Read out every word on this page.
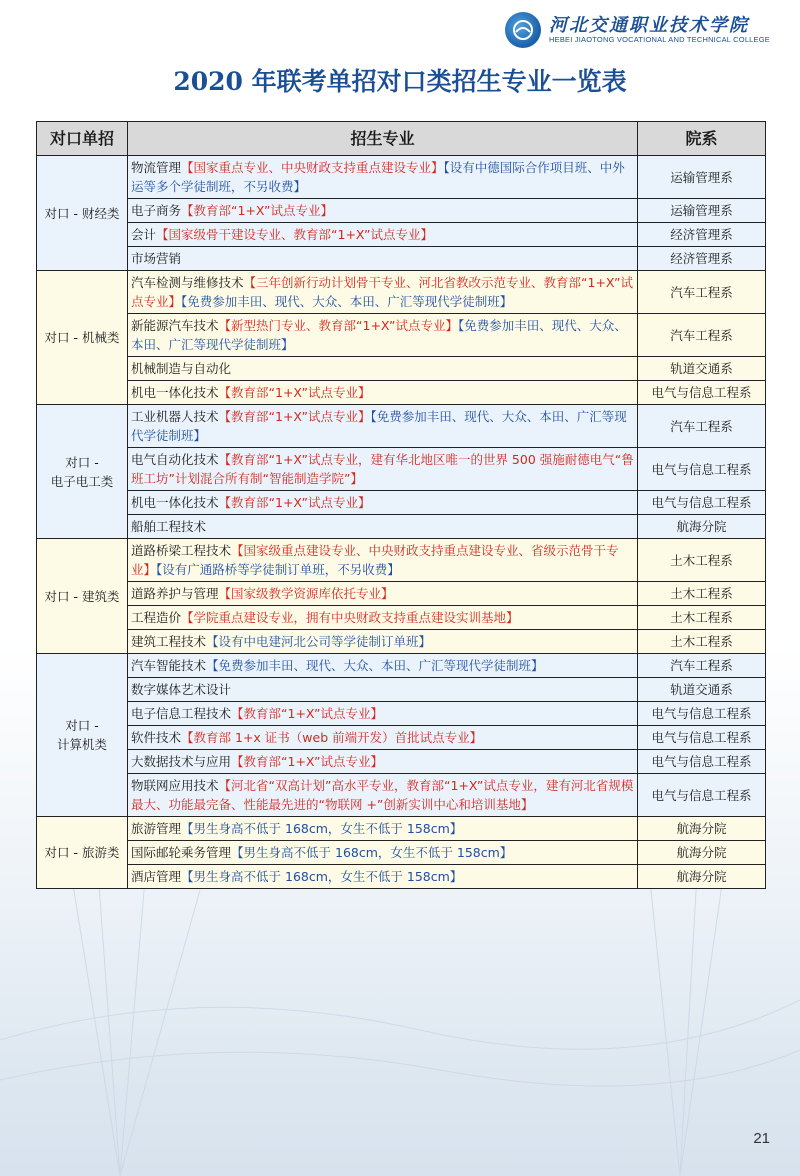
河北交通职业技术学院
HEBEI JIAOTONG VOCATIONAL AND TECHNICAL COLLEGE
2020 年联考单招对口类招生专业一览表
对口单招	招生专业	院系
对口 - 财经类	物流管理【国家重点专业、中央财政支持重点建设专业】【设有中德国际合作项目班、中外运等多个学徒制班，不另收费】	运输管理系
	电子商务【教育部“1+X”试点专业】	运输管理系
	会计【国家级骨干建设专业、教育部“1+X”试点专业】	经济管理系
	市场营销	经济管理系
对口 - 机械类	汽车检测与维修技术【三年创新行动计划骨干专业、河北省教改示范专业、教育部“1+X”试点专业】【免费参加丰田、现代、大众、本田、广汇等现代学徒制班】	汽车工程系
	新能源汽车技术【新型热门专业、教育部“1+X”试点专业】【免费参加丰田、现代、大众、本田、广汇等现代学徒制班】	汽车工程系
	机械制造与自动化	轨道交通系
	机电一体化技术【教育部“1+X”试点专业】	电气与信息工程系
对口 -
电子电工类	工业机器人技术【教育部“1+X”试点专业】【免费参加丰田、现代、大众、本田、广汇等现代学徒制班】	汽车工程系
	电气自动化技术【教育部“1+X”试点专业，建有华北地区唯一的世界 500 强施耐德电气“鲁班工坊”计划混合所有制“智能制造学院”】	电气与信息工程系
	机电一体化技术【教育部“1+X”试点专业】	电气与信息工程系
	船舶工程技术	航海分院
对口 - 建筑类	道路桥梁工程技术【国家级重点建设专业、中央财政支持重点建设专业、省级示范骨干专业】【设有广通路桥等学徒制订单班，不另收费】	土木工程系
	道路养护与管理【国家级教学资源库依托专业】	土木工程系
	工程造价【学院重点建设专业，拥有中央财政支持重点建设实训基地】	土木工程系
	建筑工程技术【设有中电建河北公司等学徒制订单班】	土木工程系
对口 -
计算机类	汽车智能技术【免费参加丰田、现代、大众、本田、广汇等现代学徒制班】	汽车工程系
	数字媒体艺术设计	轨道交通系
	电子信息工程技术【教育部“1+X”试点专业】	电气与信息工程系
	软件技术【教育部 1+x 证书（web 前端开发）首批试点专业】	电气与信息工程系
	大数据技术与应用【教育部“1+X”试点专业】	电气与信息工程系
	物联网应用技术【河北省“双高计划”高水平专业，教育部“1+X”试点专业，建有河北省规模最大、功能最完备、性能最先进的“物联网 +”创新实训中心和培训基地】	电气与信息工程系
对口 - 旅游类	旅游管理【男生身高不低于 168cm，女生不低于 158cm】	航海分院
	国际邮轮乘务管理【男生身高不低于 168cm，女生不低于 158cm】	航海分院
	酒店管理【男生身高不低于 168cm，女生不低于 158cm】	航海分院
21
